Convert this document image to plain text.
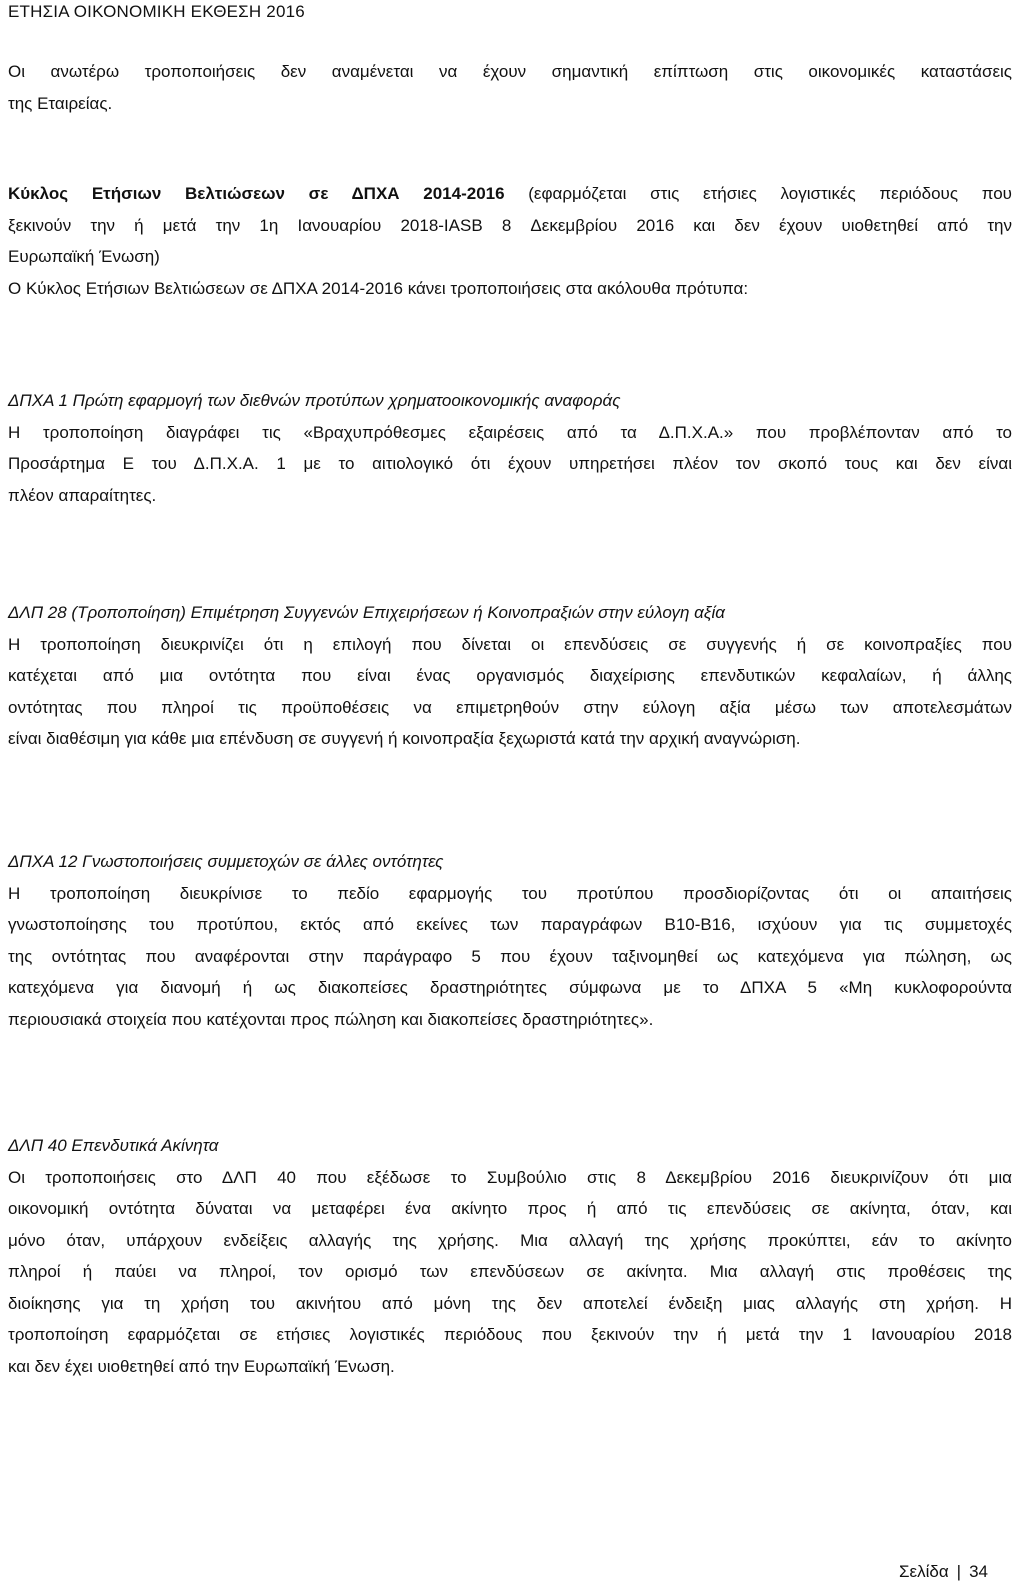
ΕΤΗΣΙΑ ΟΙΚΟΝΟΜΙΚΗ ΕΚΘΕΣΗ 2016
Οι ανωτέρω τροποποιήσεις δεν αναμένεται να έχουν σημαντική επίπτωση στις οικονομικές καταστάσεις
της Εταιρείας.
Κύκλος Ετήσιων Βελτιώσεων σε ΔΠΧΑ 2014-2016 (εφαρμόζεται στις ετήσιες λογιστικές περιόδους που
ξεκινούν την ή μετά την 1η Ιανουαρίου 2018-IASB 8 Δεκεμβρίου 2016 και δεν έχουν υιοθετηθεί από την
Ευρωπαϊκή Ένωση)
Ο Κύκλος Ετήσιων Βελτιώσεων σε ΔΠΧΑ 2014-2016 κάνει τροποποιήσεις στα ακόλουθα πρότυπα:
ΔΠΧΑ 1 Πρώτη εφαρμογή των διεθνών προτύπων χρηματοοικονομικής αναφοράς
Η τροποποίηση διαγράφει τις «Βραχυπρόθεσμες εξαιρέσεις από τα Δ.Π.Χ.Α.» που προβλέπονταν από το
Προσάρτημα Ε του Δ.Π.Χ.Α. 1 με το αιτιολογικό ότι έχουν υπηρετήσει πλέον τον σκοπό τους και δεν είναι
πλέον απαραίτητες.
ΔΛΠ 28 (Τροποποίηση) Επιμέτρηση Συγγενών Επιχειρήσεων ή Κοινοπραξιών στην εύλογη αξία
Η τροποποίηση διευκρινίζει ότι η επιλογή που δίνεται οι επενδύσεις σε συγγενής ή σε κοινοπραξίες που
κατέχεται από μια οντότητα που είναι ένας οργανισμός διαχείρισης επενδυτικών κεφαλαίων, ή άλλης
οντότητας που πληροί τις προϋποθέσεις να επιμετρηθούν στην εύλογη αξία μέσω των αποτελεσμάτων
είναι διαθέσιμη για κάθε μια επένδυση σε συγγενή ή κοινοπραξία ξεχωριστά κατά την αρχική αναγνώριση.
ΔΠΧΑ 12 Γνωστοποιήσεις συμμετοχών σε άλλες οντότητες
Η τροποποίηση διευκρίνισε το πεδίο εφαρμογής του προτύπου προσδιορίζοντας ότι οι απαιτήσεις
γνωστοποίησης του προτύπου, εκτός από εκείνες των παραγράφων Β10-Β16, ισχύουν για τις συμμετοχές
της οντότητας που αναφέρονται στην παράγραφο 5 που έχουν ταξινομηθεί ως κατεχόμενα για πώληση, ως
κατεχόμενα για διανομή ή ως διακοπείσες δραστηριότητες σύμφωνα με το ΔΠΧΑ 5 «Μη κυκλοφορούντα
περιουσιακά στοιχεία που κατέχονται προς πώληση και διακοπείσες δραστηριότητες».
ΔΛΠ 40 Επενδυτικά Ακίνητα
Οι τροποποιήσεις στο ΔΛΠ 40 που εξέδωσε το Συμβούλιο στις 8 Δεκεμβρίου 2016 διευκρινίζουν ότι μια
οικονομική οντότητα δύναται να μεταφέρει ένα ακίνητο προς ή από τις επενδύσεις σε ακίνητα, όταν, και
μόνο όταν, υπάρχουν ενδείξεις αλλαγής της χρήσης. Μια αλλαγή της χρήσης προκύπτει, εάν το ακίνητο
πληροί ή παύει να πληροί, τον ορισμό των επενδύσεων σε ακίνητα. Μια αλλαγή στις προθέσεις της
διοίκησης για τη χρήση του ακινήτου από μόνη της δεν αποτελεί ένδειξη μιας αλλαγής στη χρήση. Η
τροποποίηση εφαρμόζεται σε ετήσιες λογιστικές περιόδους που ξεκινούν την ή μετά την 1 Ιανουαρίου 2018
και δεν έχει υιοθετηθεί από την Ευρωπαϊκή Ένωση.
Σελίδα | 34
